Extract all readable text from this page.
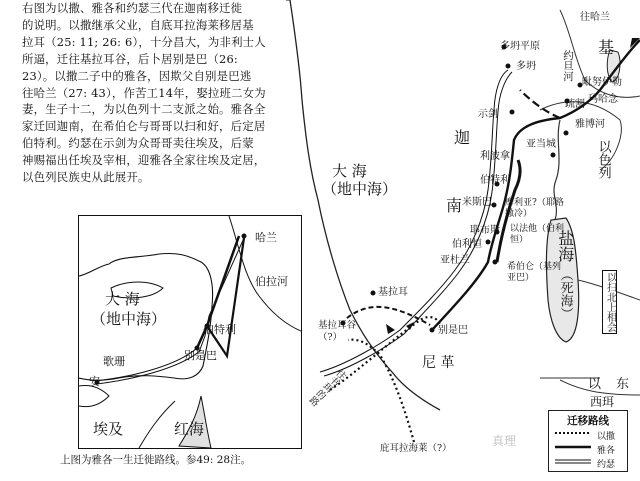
右图为以撒、雅各和约瑟三代在迦南移迁徙
的说明。以撒继承父业，自底耳拉海莱移居基
拉耳（25: 11; 26: 6），十分昌大，为非利士人
所逼，迁往基拉耳谷，后卜居别是巴（26:
23）。以撒二子中的雅各，因欺父自别是巴逃
往哈兰（27: 43），作苦工14年，娶拉班二女为
妻，生子十二，为以色列十二支派之始。雅各全
家迁回迦南，在希伯仑与哥哥以扫和好，后定居
伯特利。约瑟在示剑为众哥哥卖往埃及，后蒙
神赐福出任埃及宰相，迎雅各全家往埃及定居，
以色列民族史从此展开。
哈兰
伯拉河
大 海
（地中海）
伯特利
别是巴
歌珊
安
埃及	红海
上图为雅各一生迁徙路线。参49: 28注。
往哈兰
基
多坍平原
多坍
毗努伊勒
疏割 玛哈念
雅博河
示剑
亚当城
约旦河
以色列
大 海
（地中海）
迦
南
利波拿
伯特利
米斯巴
耶布斯
伯利恒
亚杜兰
摩利亚?（耶路撒冷）
以法他（伯利恒）
希伯仑（基列亚巴）
盐海
（死海）	以扫北上相会
基拉耳
基拉耳谷（?）
别是巴
尼 革
往书珥的路
庇耳拉海莱（?）
以 东
西珥
迁移路线
以撒
雅各
约瑟
真理
